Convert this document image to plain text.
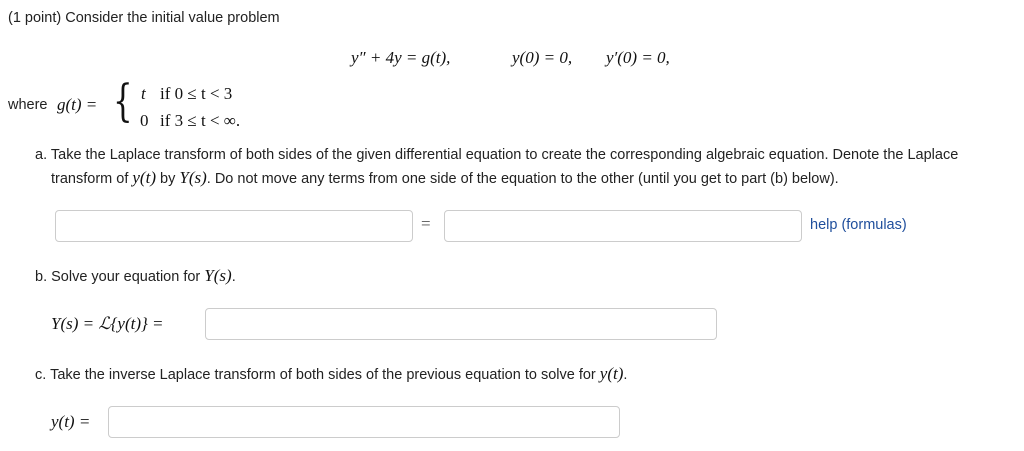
(1 point) Consider the initial value problem
y″ + 4y = g(t),	y(0) = 0, y′(0) = 0,
where g(t) = { t if 0 ≤ t < 3
0 if 3 ≤ t < ∞.
a. Take the Laplace transform of both sides of the given differential equation to create the corresponding algebraic equation. Denote the Laplace
transform of y(t) by Y(s). Do not move any terms from one side of the equation to the other (until you get to part (b) below).
=	help (formulas)
b. Solve your equation for Y(s).
Y(s) = ℒ{y(t)} =
c. Take the inverse Laplace transform of both sides of the previous equation to solve for y(t).
y(t) =
